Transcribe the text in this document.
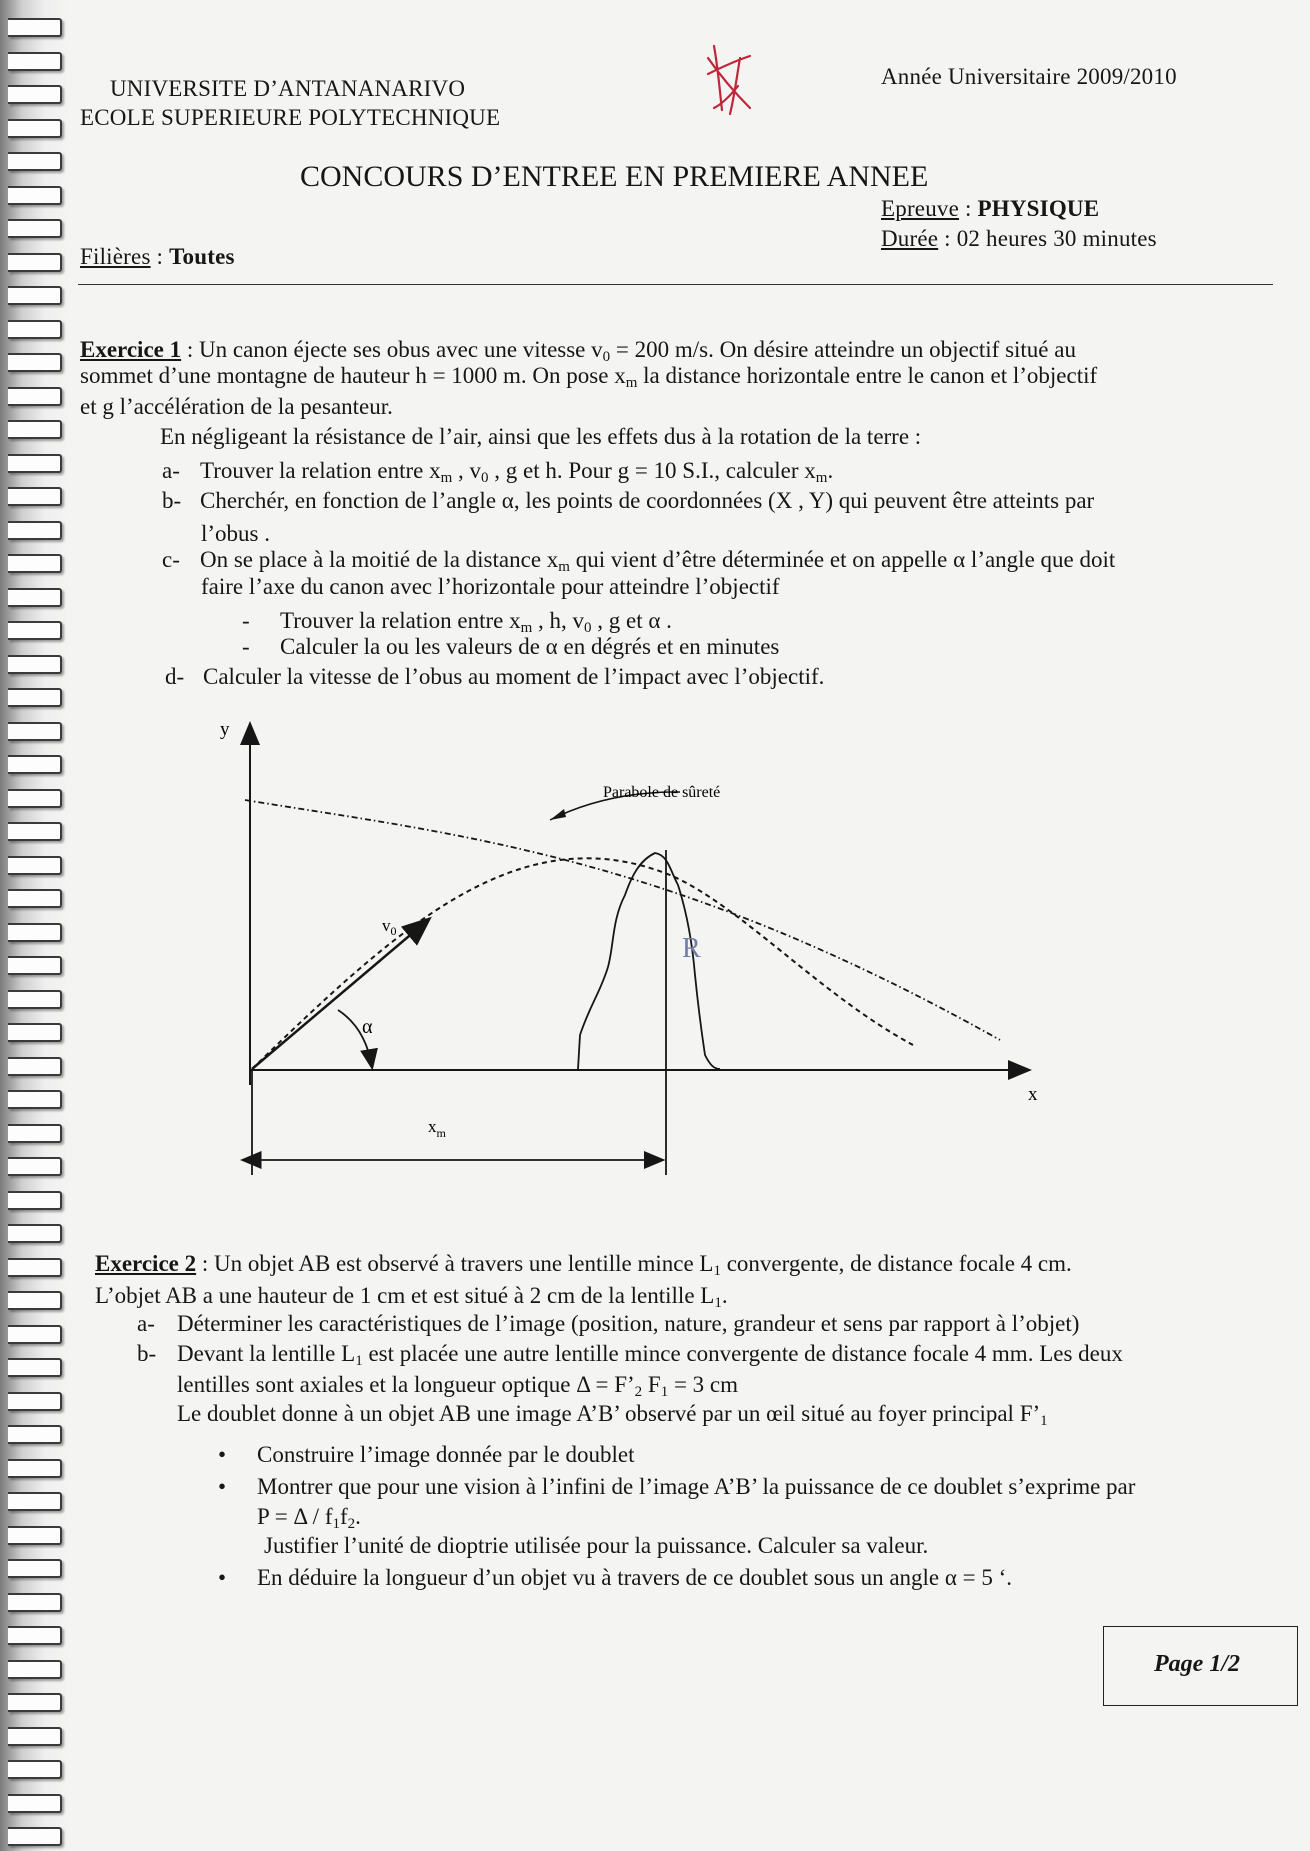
UNIVERSITE D’ANTANANARIVO
ECOLE SUPERIEURE POLYTECHNIQUE
Année Universitaire 2009/2010
CONCOURS D’ENTREE EN PREMIERE ANNEE
Epreuve : PHYSIQUE
Durée : 02 heures 30 minutes
Filières : Toutes
Exercice 1 : Un canon éjecte ses obus avec une vitesse $v_0 = 200$ m/s. On désire atteindre un objectif situé au
sommet d’une montagne de hauteur h = 1000 m. On pose $x_m$ la distance horizontale entre le canon et l’objectif
et g l’accélération de la pesanteur.
En négligeant la résistance de l’air, ainsi que les effets dus à la rotation de la terre :
a- Trouver la relation entre $x_m$ , $v_0$ , g et h. Pour g = 10 S.I., calculer $x_m$.
b- Cherchér, en fonction de l’angle α, les points de coordonnées (X , Y) qui peuvent être atteints par
l’obus .
c- On se place à la moitié de la distance $x_m$ qui vient d’être déterminée et on appelle α l’angle que doit
faire l’axe du canon avec l’horizontale pour atteindre l’objectif
- Trouver la relation entre $x_m$ , h, $v_0$ , g et α .
- Calculer la ou les valeurs de α en dégrés et en minutes
d- Calculer la vitesse de l’obus au moment de l’impact avec l’objectif.
y
x
Parabole de sûreté
$v_0$
α
R
$x_m$
Exercice 2 : Un objet AB est observé à travers une lentille mince $L_1$ convergente, de distance focale 4 cm.
L’objet AB a une hauteur de 1 cm et est situé à 2 cm de la lentille $L_1$.
a- Déterminer les caractéristiques de l’image (position, nature, grandeur et sens par rapport à l’objet)
b- Devant la lentille $L_1$ est placée une autre lentille mince convergente de distance focale 4 mm. Les deux
lentilles sont axiales et la longueur optique $\Delta = F’_2$ $F_1 = 3$ cm
Le doublet donne à un objet AB une image A’B’ observé par un œil situé au foyer principal $F’_1$
• Construire l’image donnée par le doublet
• Montrer que pour une vision à l’infini de l’image A’B’ la puissance de ce doublet s’exprime par
$P = \Delta / f_1f_2$.
Justifier l’unité de dioptrie utilisée pour la puissance. Calculer sa valeur.
• En déduire la longueur d’un objet vu à travers de ce doublet sous un angle α = 5 ‘.
Page 1/2
